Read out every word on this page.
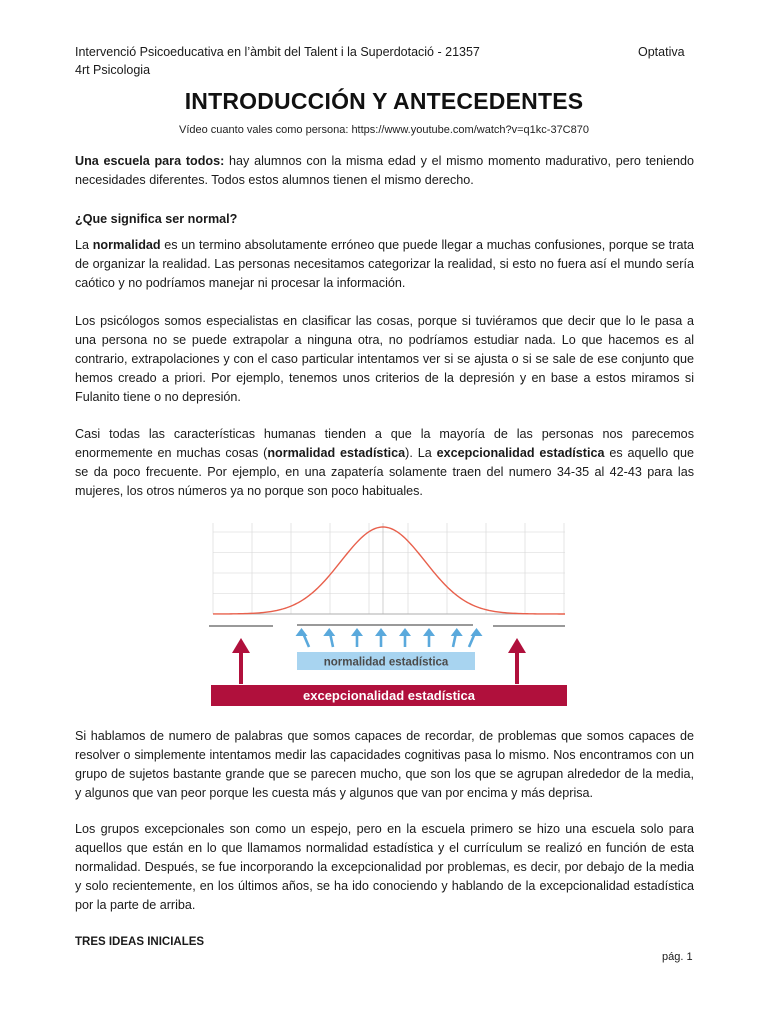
Intervenció Psicoeducativa en l’àmbit del Talent i la Superdotació - 21357
4rt Psicologia
Optativa
INTRODUCCIÓN Y ANTECEDENTES
Vídeo cuanto vales como persona: https://www.youtube.com/watch?v=q1kc-37C870

Una escuela para todos: hay alumnos con la misma edad y el mismo momento madurativo, pero teniendo necesidades diferentes. Todos estos alumnos tienen el mismo derecho.

¿Que significa ser normal?

La normalidad es un termino absolutamente erróneo que puede llegar a muchas confusiones, porque se trata de organizar la realidad. Las personas necesitamos categorizar la realidad, si esto no fuera así el mundo sería caótico y no podríamos manejar ni procesar la información.

Los psicólogos somos especialistas en clasificar las cosas, porque si tuviéramos que decir que lo le pasa a una persona no se puede extrapolar a ninguna otra, no podríamos estudiar nada. Lo que hacemos es al contrario, extrapolaciones y con el caso particular intentamos ver si se ajusta o si se sale de ese conjunto que hemos creado a priori. Por ejemplo, tenemos unos criterios de la depresión y en base a estos miramos si Fulanito tiene o no depresión.

Casi todas las características humanas tienden a que la mayoría de las personas nos parecemos enormemente en muchas cosas (normalidad estadística). La excepcionalidad estadística es aquello que se da poco frecuente. Por ejemplo, en una zapatería solamente traen del numero 34-35 al 42-43 para las mujeres, los otros números ya no porque son poco habituales.

normalidad estadística
excepcionalidad estadística

Si hablamos de numero de palabras que somos capaces de recordar, de problemas que somos capaces de resolver o simplemente intentamos medir las capacidades cognitivas pasa lo mismo. Nos encontramos con un grupo de sujetos bastante grande que se parecen mucho, que son los que se agrupan alrededor de la media, y algunos que van peor porque les cuesta más y algunos que van por encima y más deprisa.

Los grupos excepcionales son como un espejo, pero en la escuela primero se hizo una escuela solo para aquellos que están en lo que llamamos normalidad estadística y el currículum se realizó en función de esta normalidad. Después, se fue incorporando la excepcionalidad por problemas, es decir, por debajo de la media y solo recientemente, en los últimos años, se ha ido conociendo y hablando de la excepcionalidad estadística por la parte de arriba.

TRES IDEAS INICIALES
pág. 1
